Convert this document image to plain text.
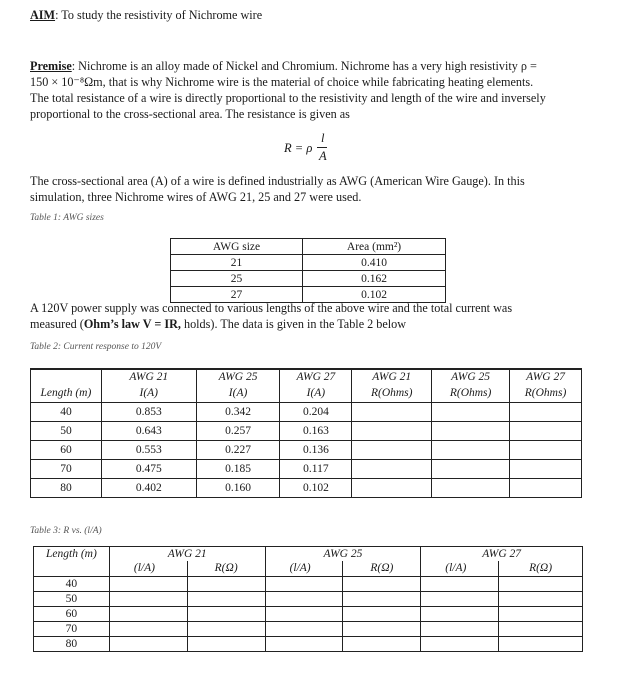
AIM: To study the resistivity of Nichrome wire
Premise: Nichrome is an alloy made of Nickel and Chromium. Nichrome has a very high resistivity ρ =
150 × 10⁻⁸Ωm, that is why Nichrome wire is the material of choice while fabricating heating elements.
The total resistance of a wire is directly proportional to the resistivity and length of the wire and inversely
proportional to the cross-sectional area. The resistance is given as
R = ρ
l
A
The cross-sectional area (A) of a wire is defined industrially as AWG (American Wire Gauge). In this
simulation, three Nichrome wires of AWG 21, 25 and 27 were used.
Table 1: AWG sizes
AWG size	Area (mm²)
21	0.410
25	0.162
27	0.102
A 120V power supply was connected to various lengths of the above wire and the total current was
measured (Ohm’s law V = IR, holds). The data is given in the Table 2 below
Table 2: Current response to 120V
	AWG 21	AWG 25	AWG 27	AWG 21	AWG 25	AWG 27
Length (m)	I(A)	I(A)	I(A)	R(Ohms)	R(Ohms)	R(Ohms)
40	0.853	0.342	0.204			
50	0.643	0.257	0.163			
60	0.553	0.227	0.136			
70	0.475	0.185	0.117			
80	0.402	0.160	0.102			
Table 3: R vs. (l/A)
Length (m)	AWG 21		AWG 25		AWG 27	
	(l/A)	R(Ω)	(l/A)	R(Ω)	(l/A)	R(Ω)
40						
50						
60						
70						
80						
